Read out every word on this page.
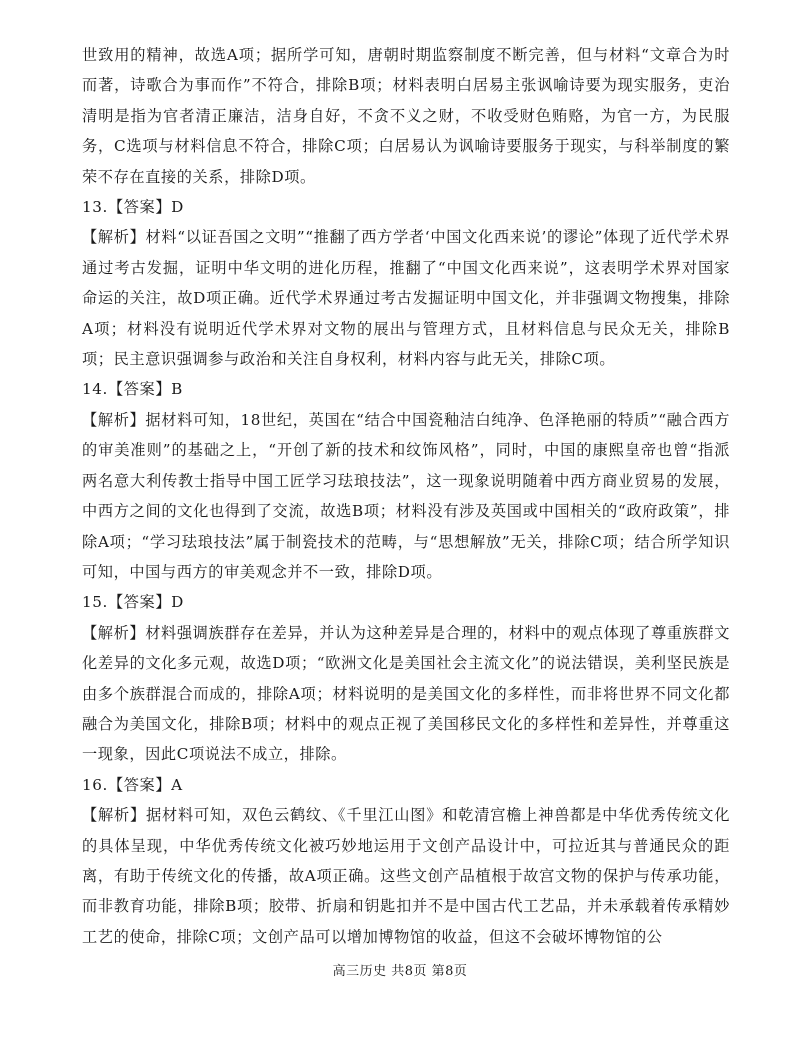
世致用的精神，故选A项；据所学可知，唐朝时期监察制度不断完善，但与材料“文章合为时而著，诗歌合为事而作”不符合，排除B项；材料表明白居易主张讽喻诗要为现实服务，吏治清明是指为官者清正廉洁，洁身自好，不贪不义之财，不收受财色贿赂，为官一方，为民服务，C选项与材料信息不符合，排除C项；白居易认为讽喻诗要服务于现实，与科举制度的繁荣不存在直接的关系，排除D项。

13.【答案】D

【解析】材料“以证吾国之文明”“推翻了西方学者‘中国文化西来说’的谬论”体现了近代学术界通过考古发掘，证明中华文明的进化历程，推翻了“中国文化西来说”，这表明学术界对国家命运的关注，故D项正确。近代学术界通过考古发掘证明中国文化，并非强调文物搜集，排除A项；材料没有说明近代学术界对文物的展出与管理方式，且材料信息与民众无关，排除B项；民主意识强调参与政治和关注自身权利，材料内容与此无关，排除C项。

14.【答案】B

【解析】据材料可知，18世纪，英国在“结合中国瓷釉洁白纯净、色泽艳丽的特质”“融合西方的审美准则”的基础之上，“开创了新的技术和纹饰风格”，同时，中国的康熙皇帝也曾“指派两名意大利传教士指导中国工匠学习珐琅技法”，这一现象说明随着中西方商业贸易的发展，中西方之间的文化也得到了交流，故选B项；材料没有涉及英国或中国相关的“政府政策”，排除A项；“学习珐琅技法”属于制瓷技术的范畴，与“思想解放”无关，排除C项；结合所学知识可知，中国与西方的审美观念并不一致，排除D项。

15.【答案】D

【解析】材料强调族群存在差异，并认为这种差异是合理的，材料中的观点体现了尊重族群文化差异的文化多元观，故选D项；“欧洲文化是美国社会主流文化”的说法错误，美利坚民族是由多个族群混合而成的，排除A项；材料说明的是美国文化的多样性，而非将世界不同文化都融合为美国文化，排除B项；材料中的观点正视了美国移民文化的多样性和差异性，并尊重这一现象，因此C项说法不成立，排除。

16.【答案】A

【解析】据材料可知，双色云鹤纹、《千里江山图》和乾清宫檐上神兽都是中华优秀传统文化的具体呈现，中华优秀传统文化被巧妙地运用于文创产品设计中，可拉近其与普通民众的距离，有助于传统文化的传播，故A项正确。这些文创产品植根于故宫文物的保护与传承功能，而非教育功能，排除B项；胶带、折扇和钥匙扣并不是中国古代工艺品，并未承载着传承精妙工艺的使命，排除C项；文创产品可以增加博物馆的收益，但这不会破坏博物馆的公

高三历史 共8页 第8页
